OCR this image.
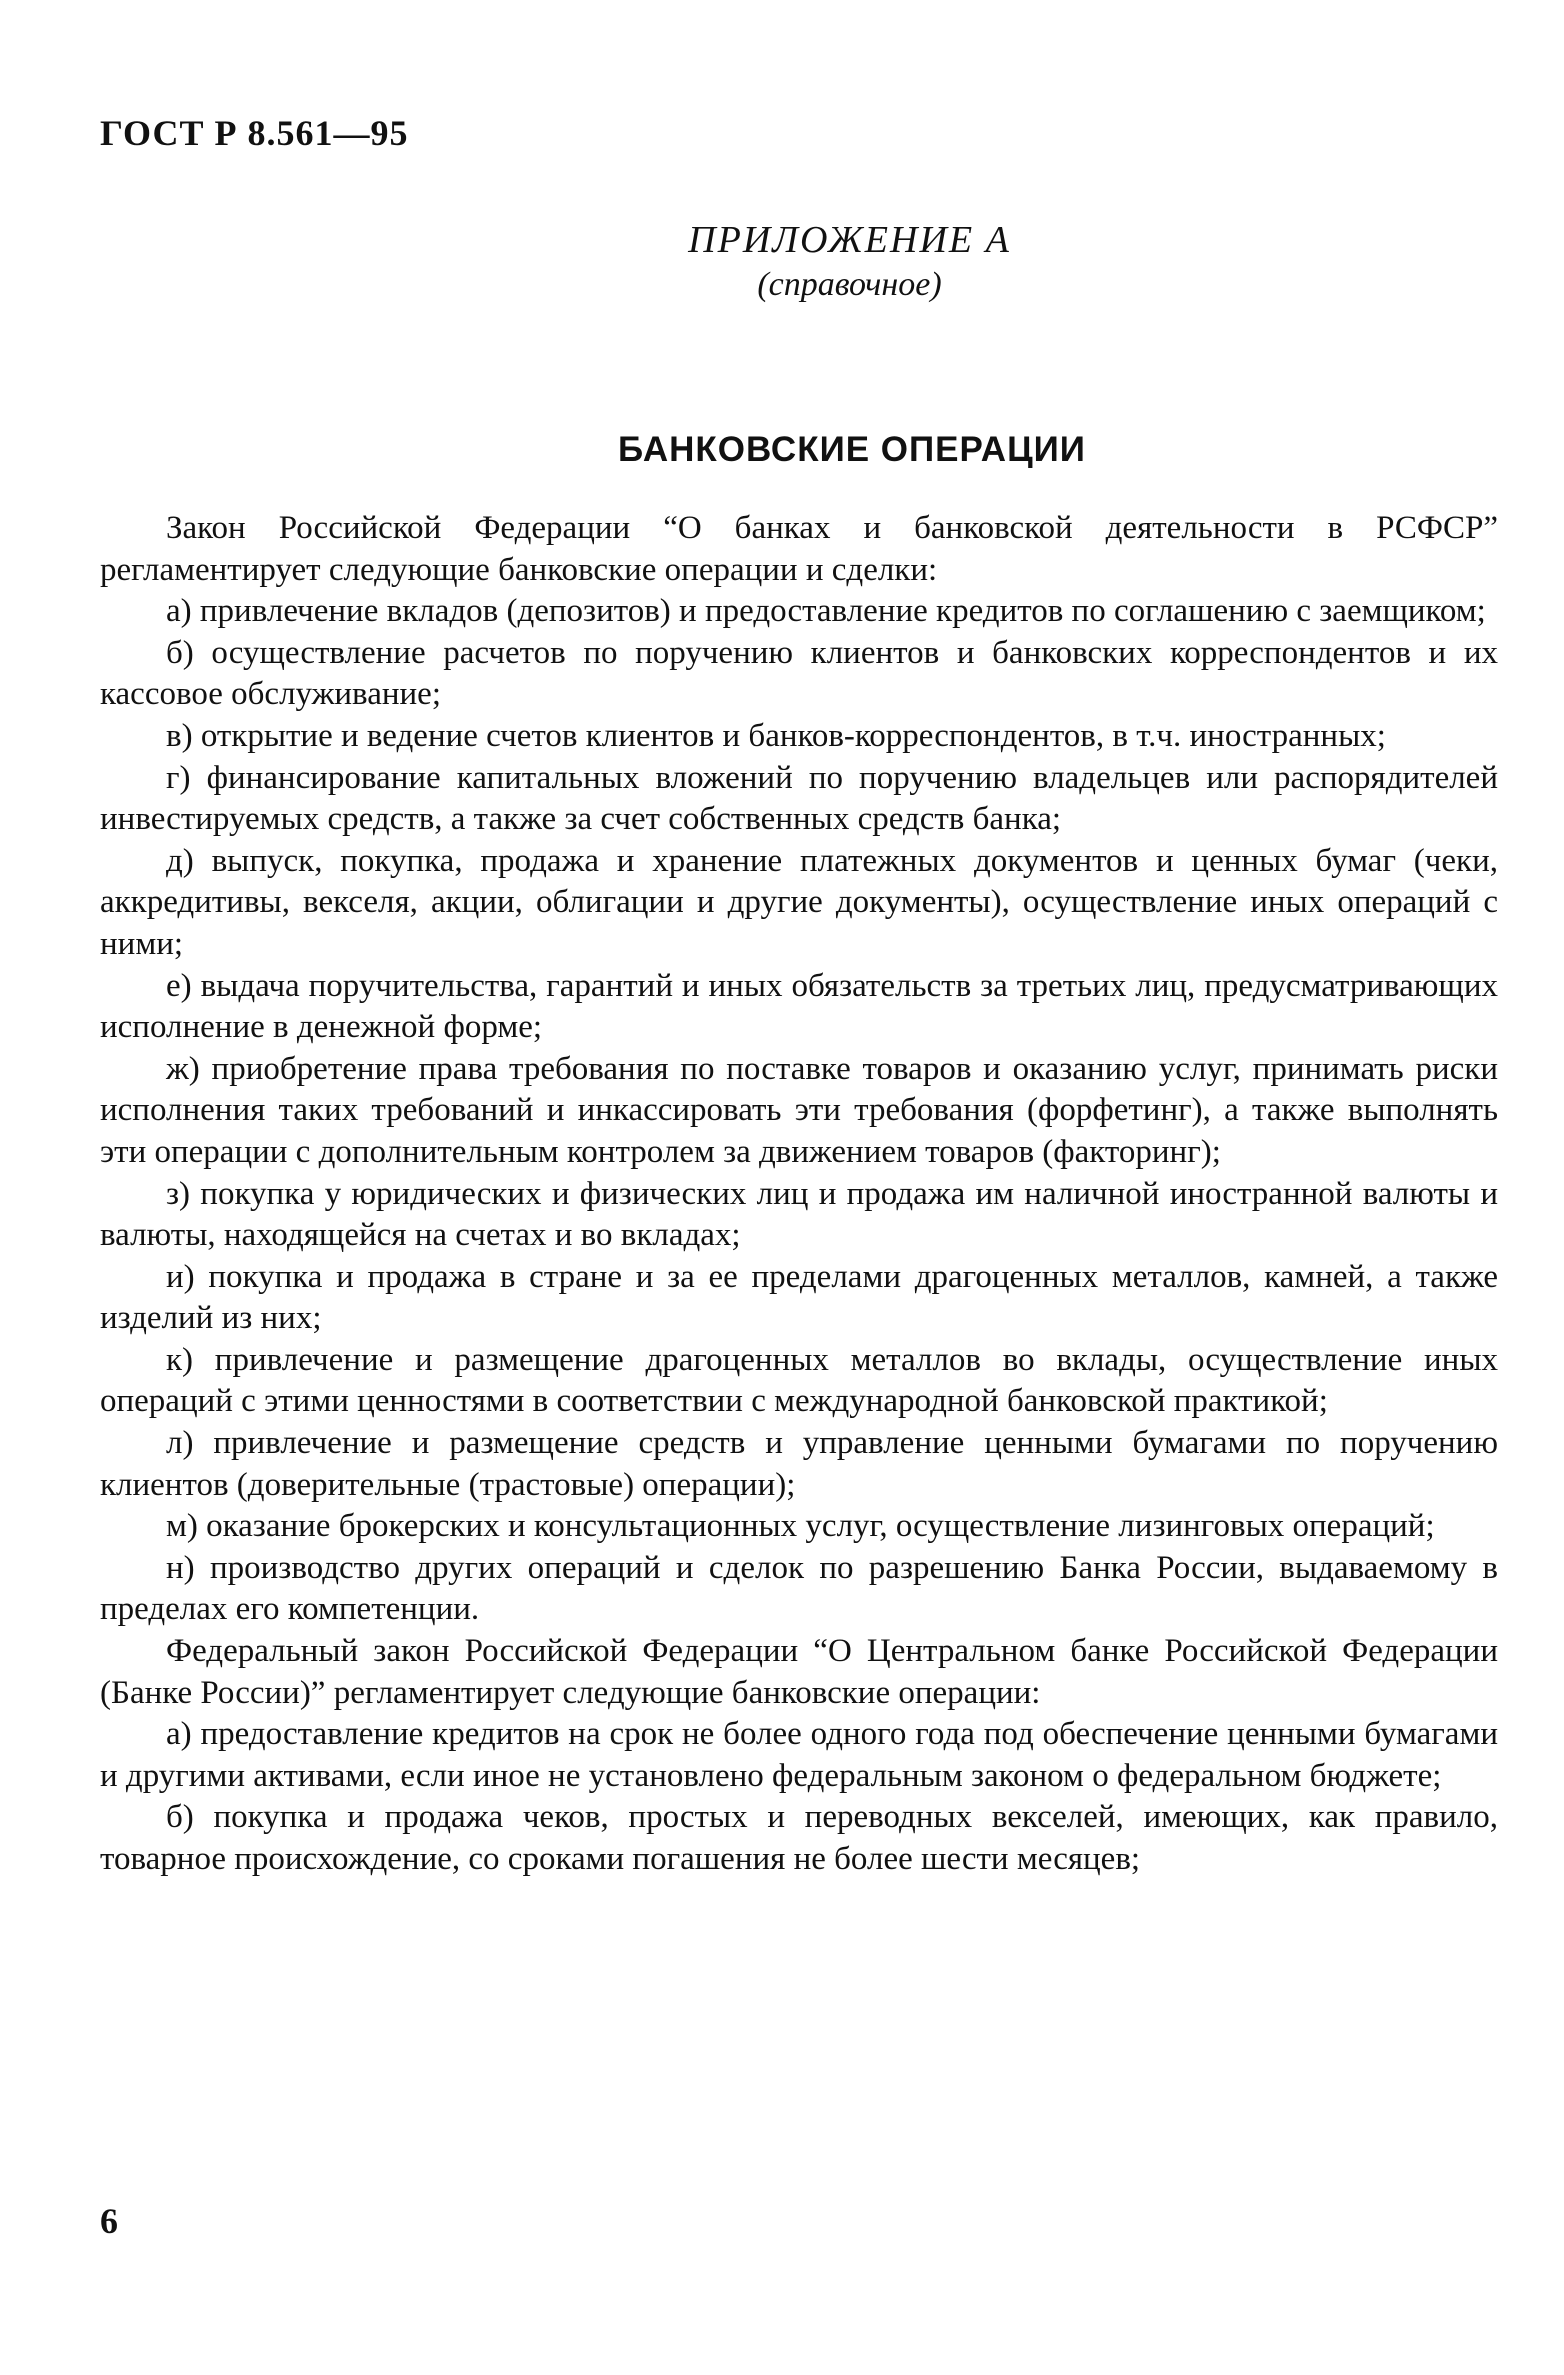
ГОСТ Р 8.561—95
ПРИЛОЖЕНИЕ А
(справочное)
БАНКОВСКИЕ ОПЕРАЦИИ

Закон Российской Федерации “О банках и банковской деятельности в РСФСР” регламентирует следующие банковские операции и сделки:

а) привлечение вкладов (депозитов) и предоставление кредитов по соглашению с заемщиком;

б) осуществление расчетов по поручению клиентов и банковских корреспондентов и их кассовое обслуживание;

в) открытие и ведение счетов клиентов и банков-корреспондентов, в т.ч. иностранных;

г) финансирование капитальных вложений по поручению владельцев или распорядителей инвестируемых средств, а также за счет собственных средств банка;

д) выпуск, покупка, продажа и хранение платежных документов и ценных бумаг (чеки, аккредитивы, векселя, акции, облигации и другие документы), осуществление иных операций с ними;

е) выдача поручительства, гарантий и иных обязательств за третьих лиц, предусматривающих исполнение в денежной форме;

ж) приобретение права требования по поставке товаров и оказанию услуг, принимать риски исполнения таких требований и инкассировать эти требования (форфетинг), а также выполнять эти операции с дополнительным контролем за движением товаров (факторинг);

з) покупка у юридических и физических лиц и продажа им наличной иностранной валюты и валюты, находящейся на счетах и во вкладах;

и) покупка и продажа в стране и за ее пределами драгоценных металлов, камней, а также изделий из них;

к) привлечение и размещение драгоценных металлов во вклады, осуществление иных операций с этими ценностями в соответствии с международной банковской практикой;

л) привлечение и размещение средств и управление ценными бумагами по поручению клиентов (доверительные (трастовые) операции);

м) оказание брокерских и консультационных услуг, осуществление лизинговых операций;

н) производство других операций и сделок по разрешению Банка России, выдаваемому в пределах его компетенции.

Федеральный закон Российской Федерации “О Центральном банке Российской Федерации (Банке России)” регламентирует следующие банковские операции:

а) предоставление кредитов на срок не более одного года под обеспечение ценными бумагами и другими активами, если иное не установлено федеральным законом о федеральном бюджете;

б) покупка и продажа чеков, простых и переводных векселей, имеющих, как правило, товарное происхождение, со сроками погашения не более шести месяцев;

6
